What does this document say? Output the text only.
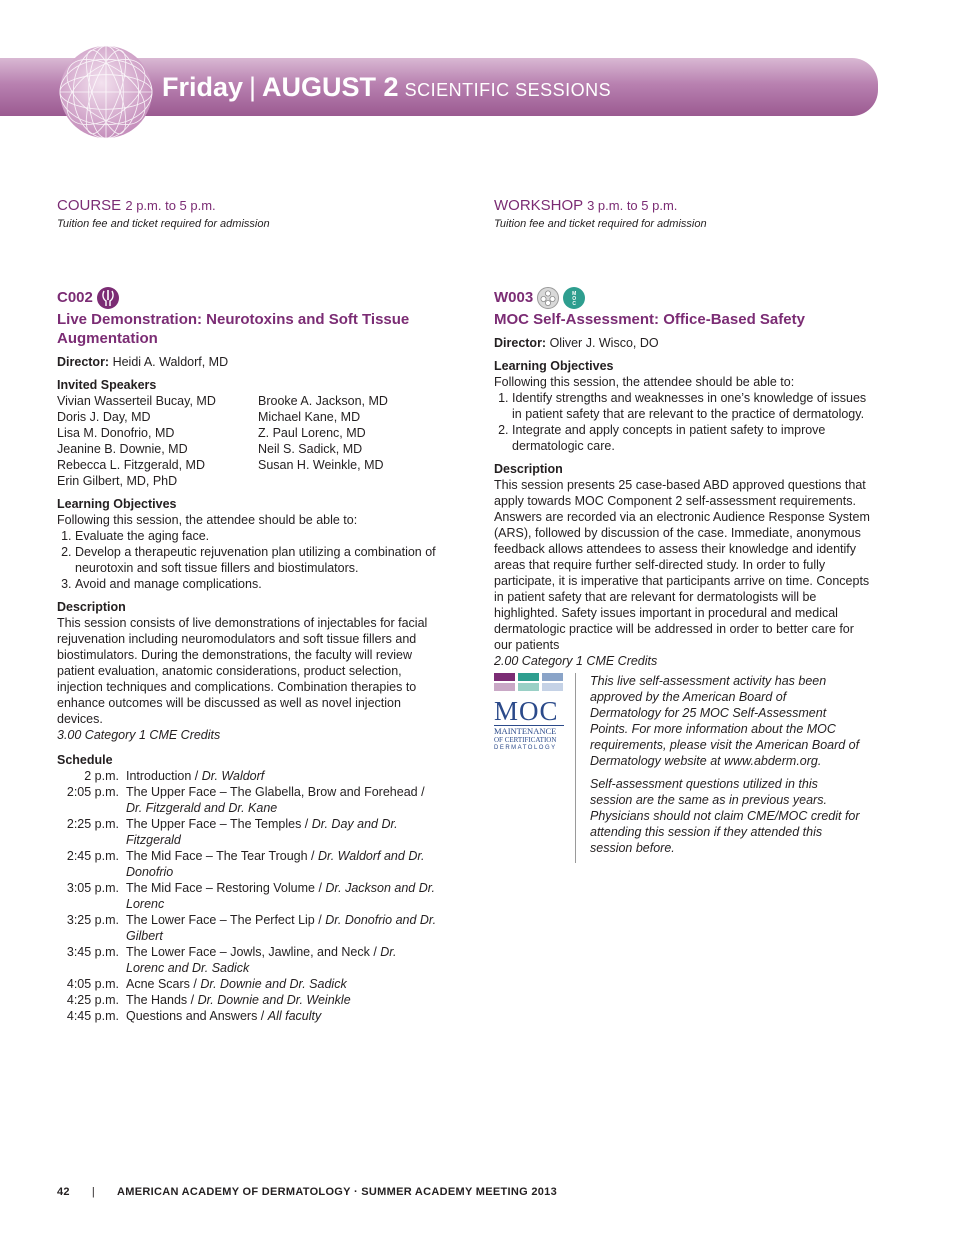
Friday | AUGUST 2 SCIENTIFIC SESSIONS
COURSE 2 p.m. to 5 p.m.
Tuition fee and ticket required for admission
C002
Live Demonstration: Neurotoxins and Soft Tissue Augmentation
Director: Heidi A. Waldorf, MD
Invited Speakers
Vivian Wasserteil Bucay, MD
Doris J. Day, MD
Lisa M. Donofrio, MD
Jeanine B. Downie, MD
Rebecca L. Fitzgerald, MD
Erin Gilbert, MD, PhD
Brooke A. Jackson, MD
Michael Kane, MD
Z. Paul Lorenc, MD
Neil S. Sadick, MD
Susan H. Weinkle, MD
Learning Objectives
Following this session, the attendee should be able to:
1. Evaluate the aging face.
2. Develop a therapeutic rejuvenation plan utilizing a combination of neurotoxin and soft tissue fillers and biostimulators.
3. Avoid and manage complications.
Description
This session consists of live demonstrations of injectables for facial rejuvenation including neuromodulators and soft tissue fillers and biostimulators. During the demonstrations, the faculty will review patient evaluation, anatomic considerations, product selection, injection techniques and complications. Combination therapies to enhance outcomes will be discussed as well as novel injection devices.
3.00 Category 1 CME Credits
Schedule
2 p.m. Introduction / Dr. Waldorf
2:05 p.m. The Upper Face – The Glabella, Brow and Forehead / Dr. Fitzgerald and Dr. Kane
2:25 p.m. The Upper Face – The Temples / Dr. Day and Dr. Fitzgerald
2:45 p.m. The Mid Face – The Tear Trough / Dr. Waldorf and Dr. Donofrio
3:05 p.m. The Mid Face – Restoring Volume / Dr. Jackson and Dr. Lorenc
3:25 p.m. The Lower Face – The Perfect Lip / Dr. Donofrio and Dr. Gilbert
3:45 p.m. The Lower Face – Jowls, Jawline, and Neck / Dr. Lorenc and Dr. Sadick
4:05 p.m. Acne Scars / Dr. Downie and Dr. Sadick
4:25 p.m. The Hands / Dr. Downie and Dr. Weinkle
4:45 p.m. Questions and Answers / All faculty
WORKSHOP 3 p.m. to 5 p.m.
Tuition fee and ticket required for admission
W003	MOC
MOC Self-Assessment: Office-Based Safety
Director: Oliver J. Wisco, DO
Learning Objectives
Following this session, the attendee should be able to:
1. Identify strengths and weaknesses in one’s knowledge of issues in patient safety that are relevant to the practice of dermatology.
2. Integrate and apply concepts in patient safety to improve dermatologic care.
Description
This session presents 25 case-based ABD approved questions that apply towards MOC Component 2 self-assessment requirements. Answers are recorded via an electronic Audience Response System (ARS), followed by discussion of the case. Immediate, anonymous feedback allows attendees to assess their knowledge and identify areas that require further self-directed study. In order to fully participate, it is imperative that participants arrive on time. Concepts in patient safety that are relevant for dermatologists will be highlighted. Safety issues important in procedural and medical dermatologic practice will be addressed in order to better care for our patients
2.00 Category 1 CME Credits
MOC
MAINTENANCE
OF CERTIFICATION
DERMATOLOGY

This live self-assessment activity has been approved by the American Board of Dermatology for 25 MOC Self-Assessment Points. For more information about the MOC requirements, please visit the American Board of Dermatology website at www.abderm.org.

Self-assessment questions utilized in this session are the same as in previous years. Physicians should not claim CME/MOC credit for attending this session if they attended this session before.

42 | AMERICAN ACADEMY OF DERMATOLOGY · SUMMER ACADEMY MEETING 2013
